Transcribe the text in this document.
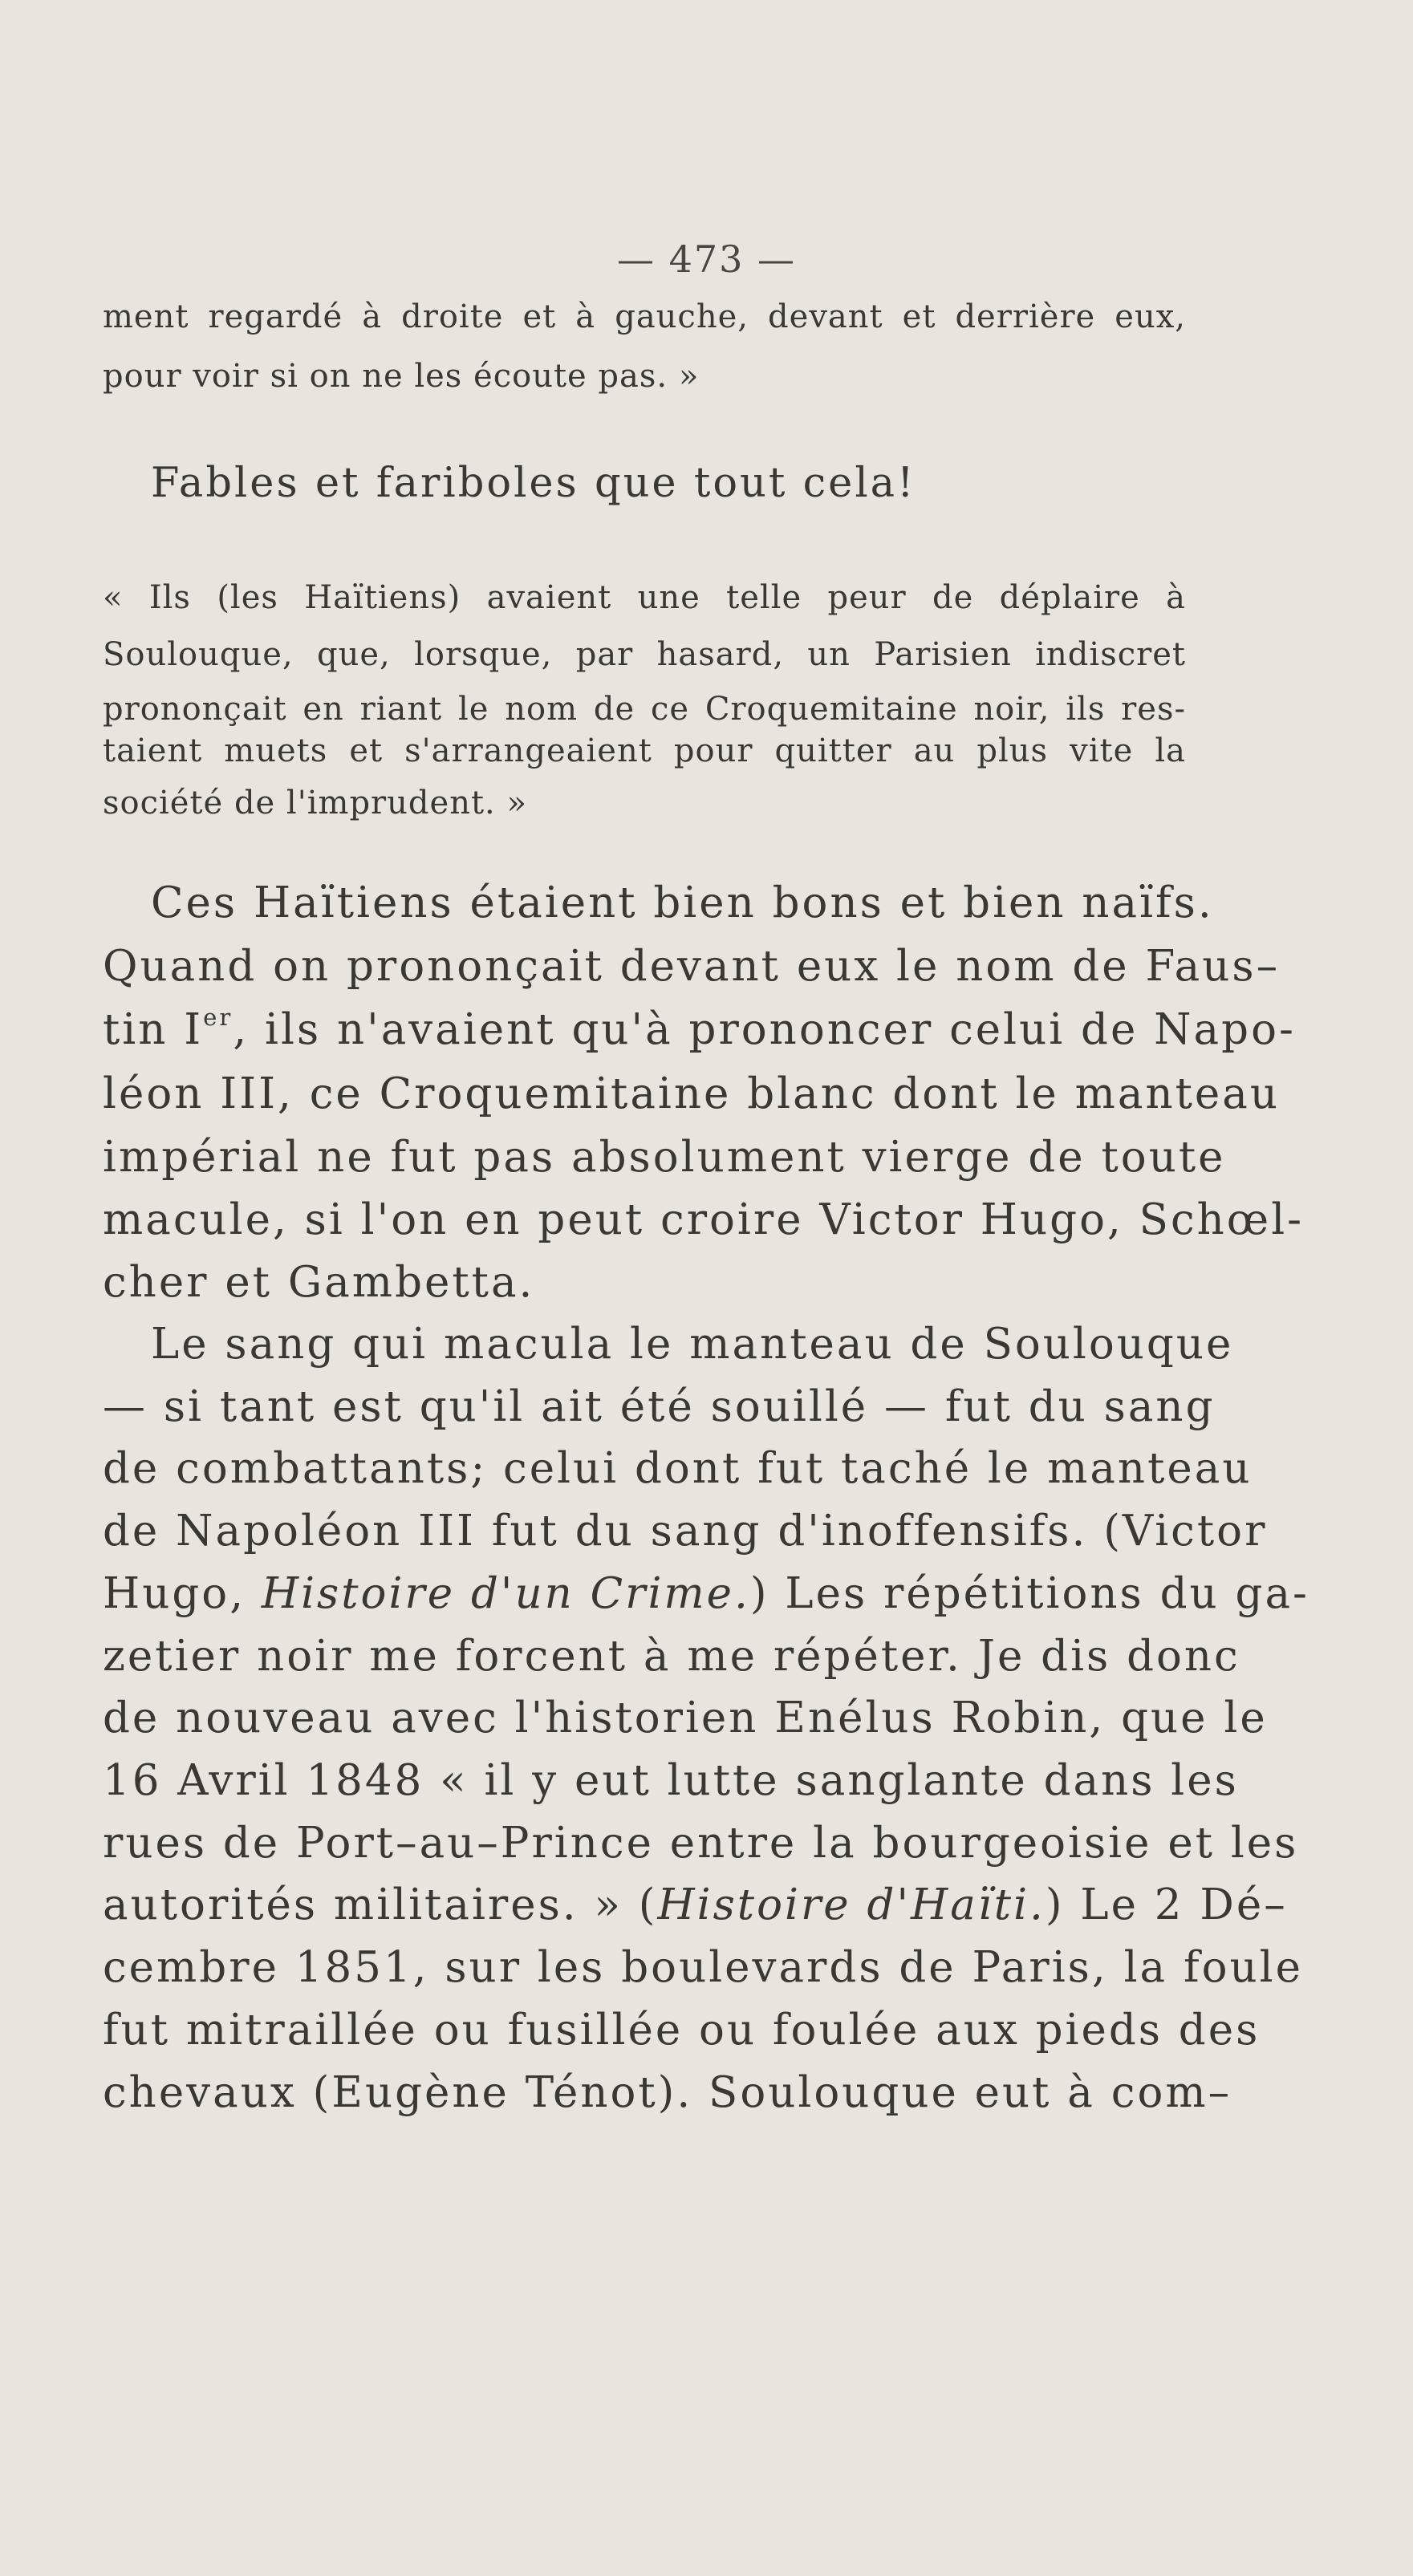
— 473 —
ment regardé à droite et à gauche, devant et derrière eux,
pour voir si on ne les écoute pas. »
Fables et fariboles que tout cela!
« Ils (les Haïtiens) avaient une telle peur de déplaire à
Soulouque, que, lorsque, par hasard, un Parisien indiscret
prononçait en riant le nom de ce Croquemitaine noir, ils res-
taient muets et s'arrangeaient pour quitter au plus vite la
société de l'imprudent. »
Ces Haïtiens étaient bien bons et bien naïfs.
Quand on prononçait devant eux le nom de Faus–
tin Ier, ils n'avaient qu'à prononcer celui de Napo-
léon III, ce Croquemitaine blanc dont le manteau
impérial ne fut pas absolument vierge de toute
macule, si l'on en peut croire Victor Hugo, Schœl-
cher et Gambetta.
Le sang qui macula le manteau de Soulouque
— si tant est qu'il ait été souillé — fut du sang
de combattants; celui dont fut taché le manteau
de Napoléon III fut du sang d'inoffensifs. (Victor
Hugo, Histoire d'un Crime.) Les répétitions du ga-
zetier noir me forcent à me répéter. Je dis donc
de nouveau avec l'historien Enélus Robin, que le
16 Avril 1848 « il y eut lutte sanglante dans les
rues de Port–au–Prince entre la bourgeoisie et les
autorités militaires. » (Histoire d'Haïti.) Le 2 Dé–
cembre 1851, sur les boulevards de Paris, la foule
fut mitraillée ou fusillée ou foulée aux pieds des
chevaux (Eugène Ténot). Soulouque eut à com–
